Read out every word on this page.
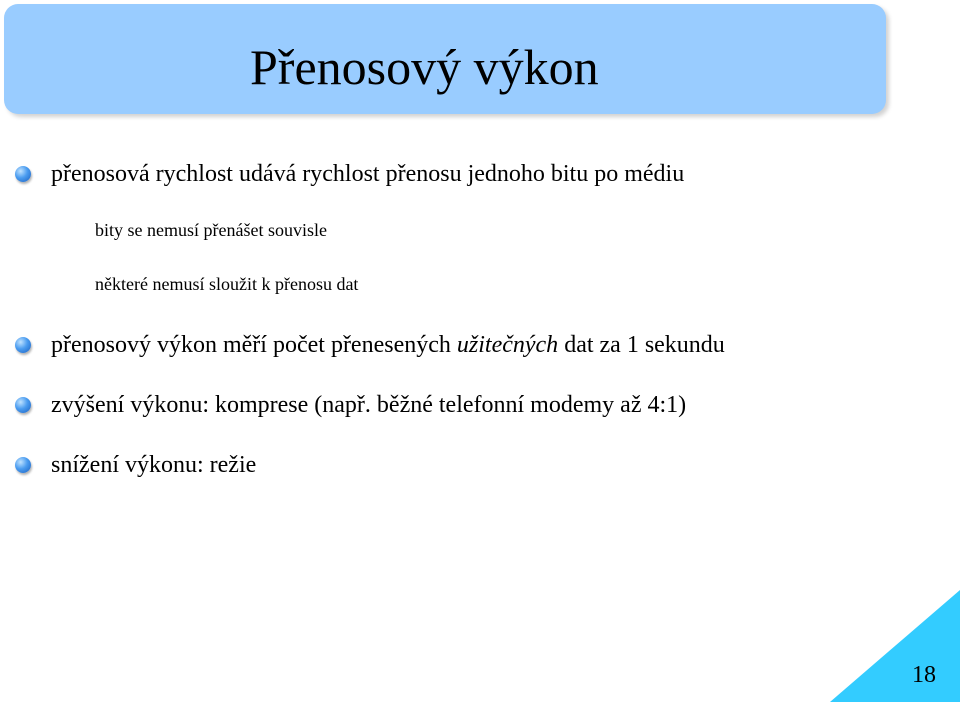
Přenosový výkon
přenosová rychlost udává rychlost přenosu jednoho bitu po médiu
bity se nemusí přenášet souvisle
některé nemusí sloužit k přenosu dat
přenosový výkon měří počet přenesených užitečných dat za 1 sekundu
zvýšení výkonu: komprese (např. běžné telefonní modemy až 4:1)
snížení výkonu: režie
18
